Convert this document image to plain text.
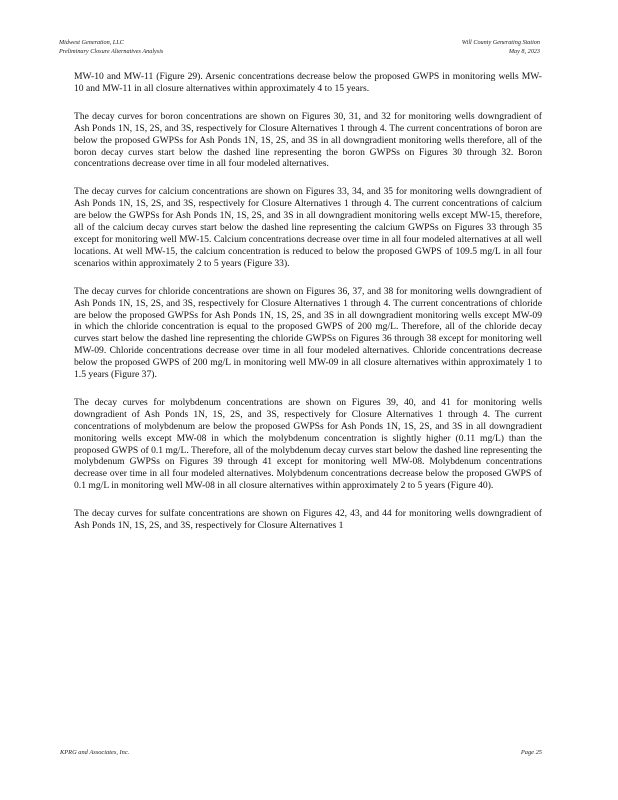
Midwest Generation, LLC
Preliminary Closure Alternatives Analysis
Will County Generating Station
May 8, 2023

MW-10 and MW-11 (Figure 29). Arsenic concentrations decrease below the proposed GWPS in monitoring wells MW-10 and MW-11 in all closure alternatives within approximately 4 to 15 years.

The decay curves for boron concentrations are shown on Figures 30, 31, and 32 for monitoring wells downgradient of Ash Ponds 1N, 1S, 2S, and 3S, respectively for Closure Alternatives 1 through 4. The current concentrations of boron are below the proposed GWPSs for Ash Ponds 1N, 1S, 2S, and 3S in all downgradient monitoring wells therefore, all of the boron decay curves start below the dashed line representing the boron GWPSs on Figures 30 through 32. Boron concentrations decrease over time in all four modeled alternatives.

The decay curves for calcium concentrations are shown on Figures 33, 34, and 35 for monitoring wells downgradient of Ash Ponds 1N, 1S, 2S, and 3S, respectively for Closure Alternatives 1 through 4. The current concentrations of calcium are below the GWPSs for Ash Ponds 1N, 1S, 2S, and 3S in all downgradient monitoring wells except MW-15, therefore, all of the calcium decay curves start below the dashed line representing the calcium GWPSs on Figures 33 through 35 except for monitoring well MW-15. Calcium concentrations decrease over time in all four modeled alternatives at all well locations. At well MW-15, the calcium concentration is reduced to below the proposed GWPS of 109.5 mg/L in all four scenarios within approximately 2 to 5 years (Figure 33).

The decay curves for chloride concentrations are shown on Figures 36, 37, and 38 for monitoring wells downgradient of Ash Ponds 1N, 1S, 2S, and 3S, respectively for Closure Alternatives 1 through 4. The current concentrations of chloride are below the proposed GWPSs for Ash Ponds 1N, 1S, 2S, and 3S in all downgradient monitoring wells except MW-09 in which the chloride concentration is equal to the proposed GWPS of 200 mg/L. Therefore, all of the chloride decay curves start below the dashed line representing the chloride GWPSs on Figures 36 through 38 except for monitoring well MW-09. Chloride concentrations decrease over time in all four modeled alternatives. Chloride concentrations decrease below the proposed GWPS of 200 mg/L in monitoring well MW-09 in all closure alternatives within approximately 1 to 1.5 years (Figure 37).

The decay curves for molybdenum concentrations are shown on Figures 39, 40, and 41 for monitoring wells downgradient of Ash Ponds 1N, 1S, 2S, and 3S, respectively for Closure Alternatives 1 through 4. The current concentrations of molybdenum are below the proposed GWPSs for Ash Ponds 1N, 1S, 2S, and 3S in all downgradient monitoring wells except MW-08 in which the molybdenum concentration is slightly higher (0.11 mg/L) than the proposed GWPS of 0.1 mg/L. Therefore, all of the molybdenum decay curves start below the dashed line representing the molybdenum GWPSs on Figures 39 through 41 except for monitoring well MW-08. Molybdenum concentrations decrease over time in all four modeled alternatives. Molybdenum concentrations decrease below the proposed GWPS of 0.1 mg/L in monitoring well MW-08 in all closure alternatives within approximately 2 to 5 years (Figure 40).

The decay curves for sulfate concentrations are shown on Figures 42, 43, and 44 for monitoring wells downgradient of Ash Ponds 1N, 1S, 2S, and 3S, respectively for Closure Alternatives 1

KPRG and Associates, Inc.	Page 25
